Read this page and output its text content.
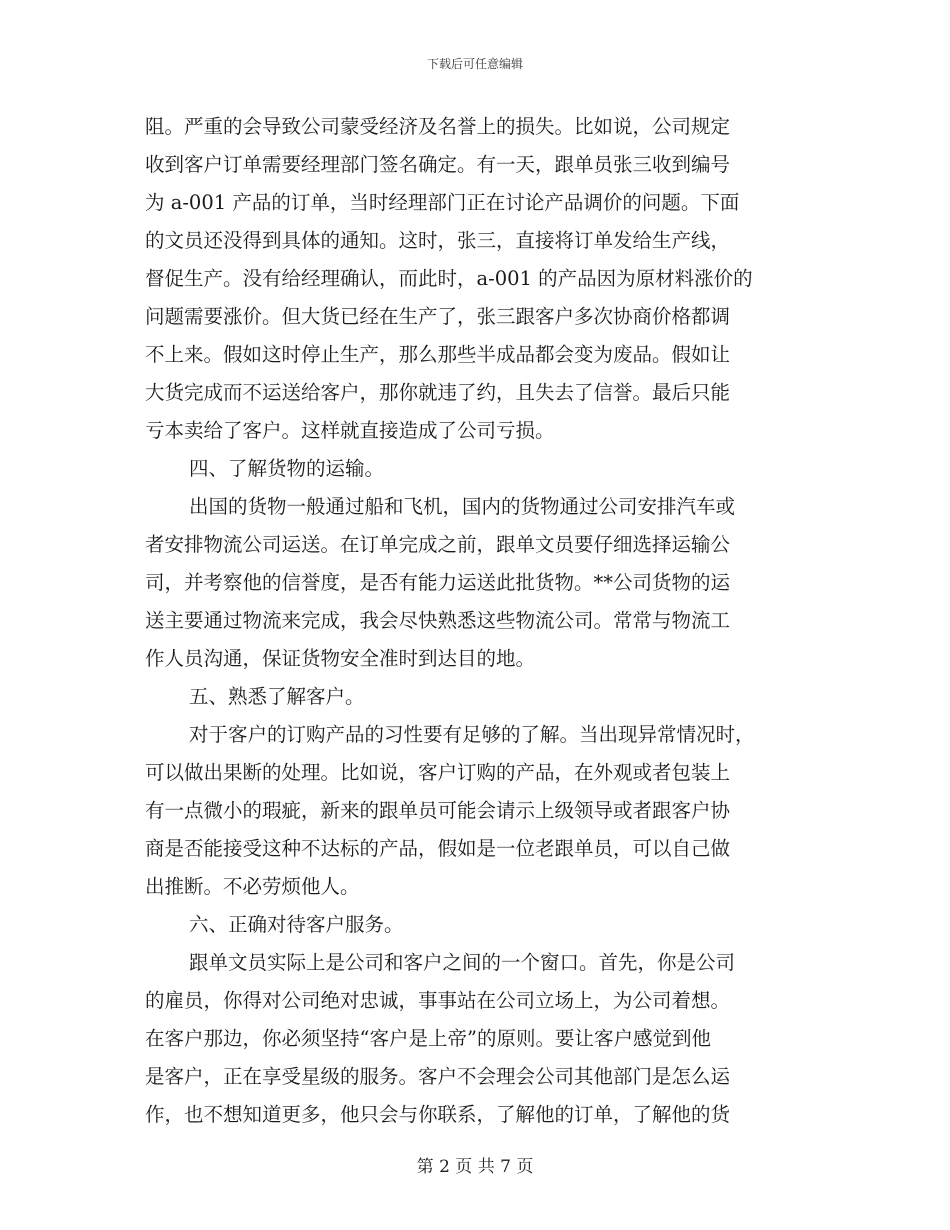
下载后可任意编辑
阻。严重的会导致公司蒙受经济及名誉上的损失。比如说，公司规定
收到客户订单需要经理部门签名确定。有一天，跟单员张三收到编号
为 a-001 产品的订单，当时经理部门正在讨论产品调价的问题。下面
的文员还没得到具体的通知。这时，张三，直接将订单发给生产线，
督促生产。没有给经理确认，而此时，a-001 的产品因为原材料涨价的
问题需要涨价。但大货已经在生产了，张三跟客户多次协商价格都调
不上来。假如这时停止生产，那么那些半成品都会变为废品。假如让
大货完成而不运送给客户，那你就违了约，且失去了信誉。最后只能
亏本卖给了客户。这样就直接造成了公司亏损。
四、了解货物的运输。
出国的货物一般通过船和飞机，国内的货物通过公司安排汽车或
者安排物流公司运送。在订单完成之前，跟单文员要仔细选择运输公
司，并考察他的信誉度，是否有能力运送此批货物。**公司货物的运
送主要通过物流来完成，我会尽快熟悉这些物流公司。常常与物流工
作人员沟通，保证货物安全准时到达目的地。
五、熟悉了解客户。
对于客户的订购产品的习性要有足够的了解。当出现异常情况时，
可以做出果断的处理。比如说，客户订购的产品，在外观或者包装上
有一点微小的瑕疵，新来的跟单员可能会请示上级领导或者跟客户协
商是否能接受这种不达标的产品，假如是一位老跟单员，可以自己做
出推断。不必劳烦他人。
六、正确对待客户服务。
跟单文员实际上是公司和客户之间的一个窗口。首先，你是公司
的雇员，你得对公司绝对忠诚，事事站在公司立场上，为公司着想。
在客户那边，你必须坚持“客户是上帝”的原则。要让客户感觉到他
是客户，正在享受星级的服务。客户不会理会公司其他部门是怎么运
作，也不想知道更多，他只会与你联系，了解他的订单，了解他的货
第 2 页 共 7 页
